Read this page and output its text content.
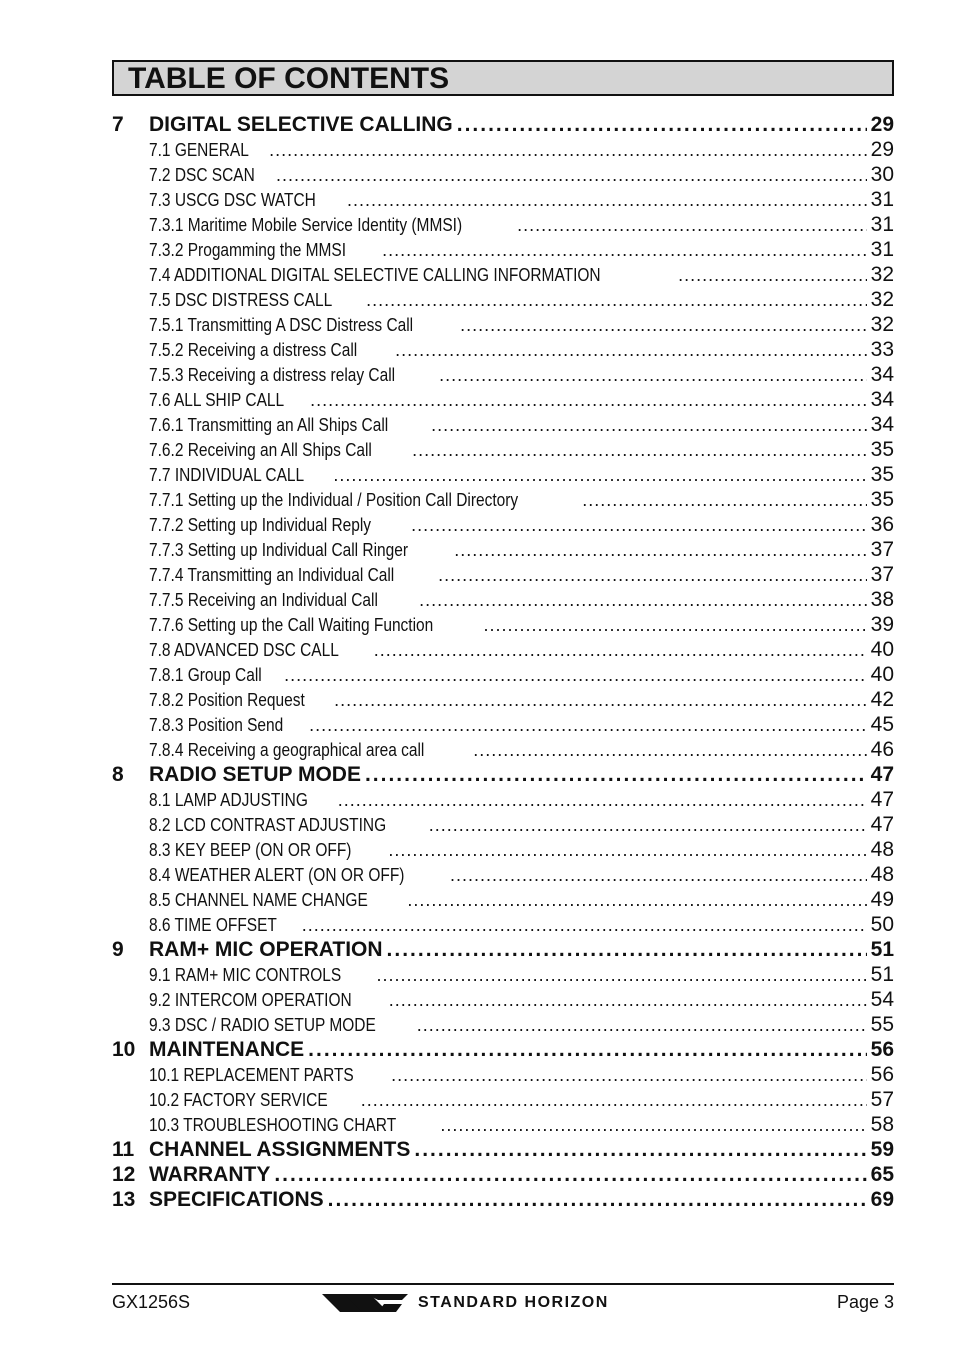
TABLE OF CONTENTS
7	DIGITAL SELECTIVE CALLING .....	29
7.1 GENERAL .....	29
7.2 DSC SCAN .....	30
7.3 USCG DSC WATCH .....	31
7.3.1 Maritime Mobile Service Identity (MMSI) .....	31
7.3.2 Progamming the MMSI .....	31
7.4 ADDITIONAL DIGITAL SELECTIVE CALLING INFORMATION .....	32
7.5 DSC DISTRESS CALL .....	32
7.5.1 Transmitting A DSC Distress Call .....	32
7.5.2 Receiving a distress Call .....	33
7.5.3 Receiving a distress relay Call .....	34
7.6 ALL SHIP CALL .....	34
7.6.1 Transmitting an All Ships Call .....	34
7.6.2 Receiving an All Ships Call .....	35
7.7 INDIVIDUAL CALL .....	35
7.7.1 Setting up the Individual / Position Call Directory .....	35
7.7.2 Setting up Individual Reply .....	36
7.7.3 Setting up Individual Call Ringer .....	37
7.7.4 Transmitting an Individual Call .....	37
7.7.5 Receiving an Individual Call .....	38
7.7.6 Setting up the Call Waiting Function .....	39
7.8 ADVANCED DSC CALL .....	40
7.8.1 Group Call .....	40
7.8.2 Position Request .....	42
7.8.3 Position Send .....	45
7.8.4 Receiving a geographical area call .....	46
8	RADIO SETUP MODE .....	47
8.1 LAMP ADJUSTING .....	47
8.2 LCD CONTRAST ADJUSTING .....	47
8.3 KEY BEEP (ON OR OFF) .....	48
8.4 WEATHER ALERT (ON OR OFF) .....	48
8.5 CHANNEL NAME CHANGE .....	49
8.6 TIME OFFSET .....	50
9	RAM+ MIC OPERATION .....	51
9.1 RAM+ MIC CONTROLS .....	51
9.2 INTERCOM OPERATION .....	54
9.3 DSC / RADIO SETUP MODE .....	55
10 MAINTENANCE .....	56
10.1 REPLACEMENT PARTS .....	56
10.2 FACTORY SERVICE .....	57
10.3 TROUBLESHOOTING CHART .....	58
11 CHANNEL ASSIGNMENTS .....	59
12 WARRANTY .....	65
13 SPECIFICATIONS .....	69
GX1256S	STANDARD HORIZON	Page 3
